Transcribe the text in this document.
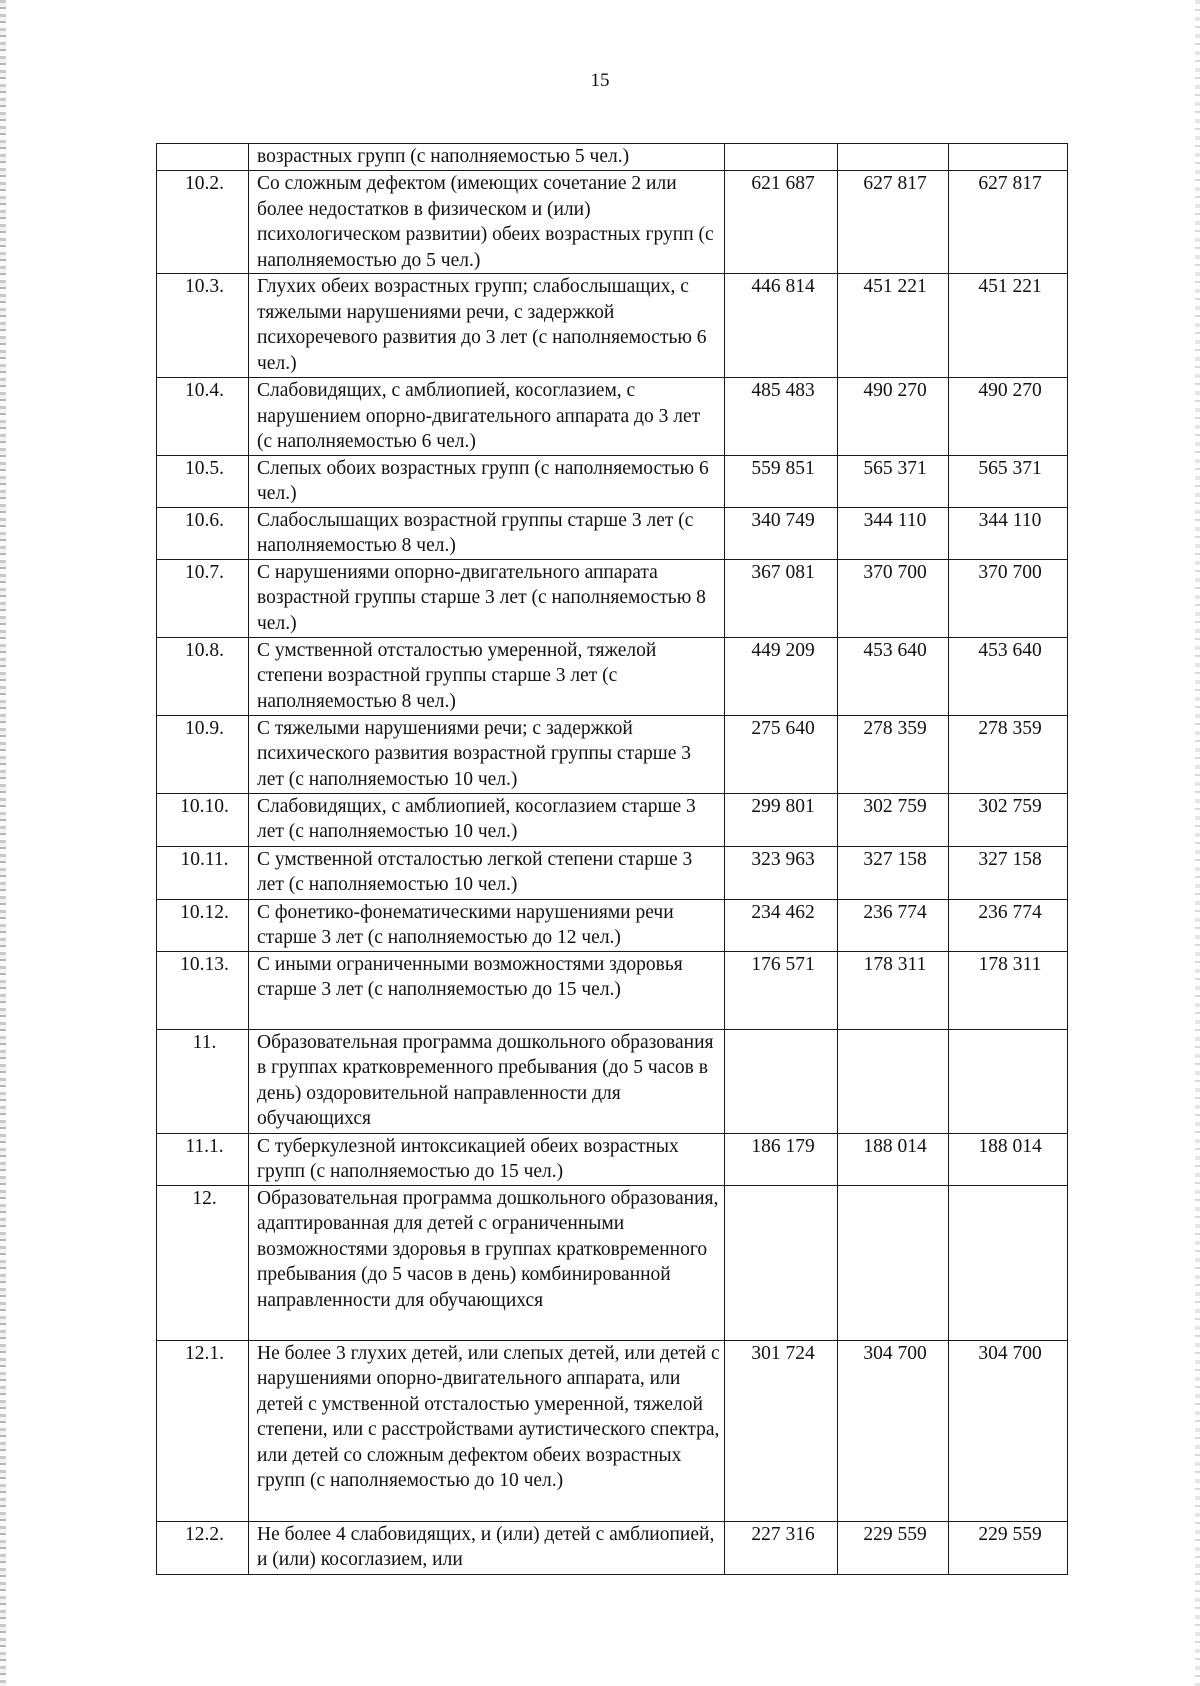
15
	возрастных групп (с наполняемостью 5 чел.)			
10.2.	Со сложным дефектом (имеющих сочетание 2 или более недостатков в физическом и (или) психологическом развитии) обеих возрастных групп (с наполняемостью до 5 чел.)	621 687	627 817	627 817
10.3.	Глухих обеих возрастных групп; слабослышащих, с тяжелыми нарушениями речи, с задержкой психоречевого развития до 3 лет (с наполняемостью 6 чел.)	446 814	451 221	451 221
10.4.	Слабовидящих, с амблиопией, косоглазием, с нарушением опорно-двигательного аппарата до 3 лет (с наполняемостью 6 чел.)	485 483	490 270	490 270
10.5.	Слепых обоих возрастных групп (с наполняемостью 6 чел.)	559 851	565 371	565 371
10.6.	Слабослышащих возрастной группы старше 3 лет (с наполняемостью 8 чел.)	340 749	344 110	344 110
10.7.	С нарушениями опорно-двигательного аппарата возрастной группы старше 3 лет (с наполняемостью 8 чел.)	367 081	370 700	370 700
10.8.	С умственной отсталостью умеренной, тяжелой степени возрастной группы старше 3 лет (с наполняемостью 8 чел.)	449 209	453 640	453 640
10.9.	С тяжелыми нарушениями речи; с задержкой психического развития возрастной группы старше 3 лет (с наполняемостью 10 чел.)	275 640	278 359	278 359
10.10.	Слабовидящих, с амблиопией, косоглазием старше 3 лет (с наполняемостью 10 чел.)	299 801	302 759	302 759
10.11.	С умственной отсталостью легкой степени старше 3 лет (с наполняемостью 10 чел.)	323 963	327 158	327 158
10.12.	С фонетико-фонематическими нарушениями речи старше 3 лет (с наполняемостью до 12 чел.)	234 462	236 774	236 774
10.13.	С иными ограниченными возможностями здоровья старше 3 лет (с наполняемостью до 15 чел.)	176 571	178 311	178 311
11.	Образовательная программа дошкольного образования в группах кратковременного пребывания (до 5 часов в день) оздоровительной направленности для обучающихся			
11.1.	С туберкулезной интоксикацией обеих возрастных групп (с наполняемостью до 15 чел.)	186 179	188 014	188 014
12.	Образовательная программа дошкольного образования, адаптированная для детей с ограниченными возможностями здоровья в группах кратковременного пребывания (до 5 часов в день) комбинированной направленности для обучающихся			
12.1.	Не более 3 глухих детей, или слепых детей, или детей с нарушениями опорно-двигательного аппарата, или детей с умственной отсталостью умеренной, тяжелой степени, или с расстройствами аутистического спектра, или детей со сложным дефектом обеих возрастных групп (с наполняемостью до 10 чел.)	301 724	304 700	304 700
12.2.	Не более 4 слабовидящих, и (или) детей с амблиопией, и (или) косоглазием, или	227 316	229 559	229 559
